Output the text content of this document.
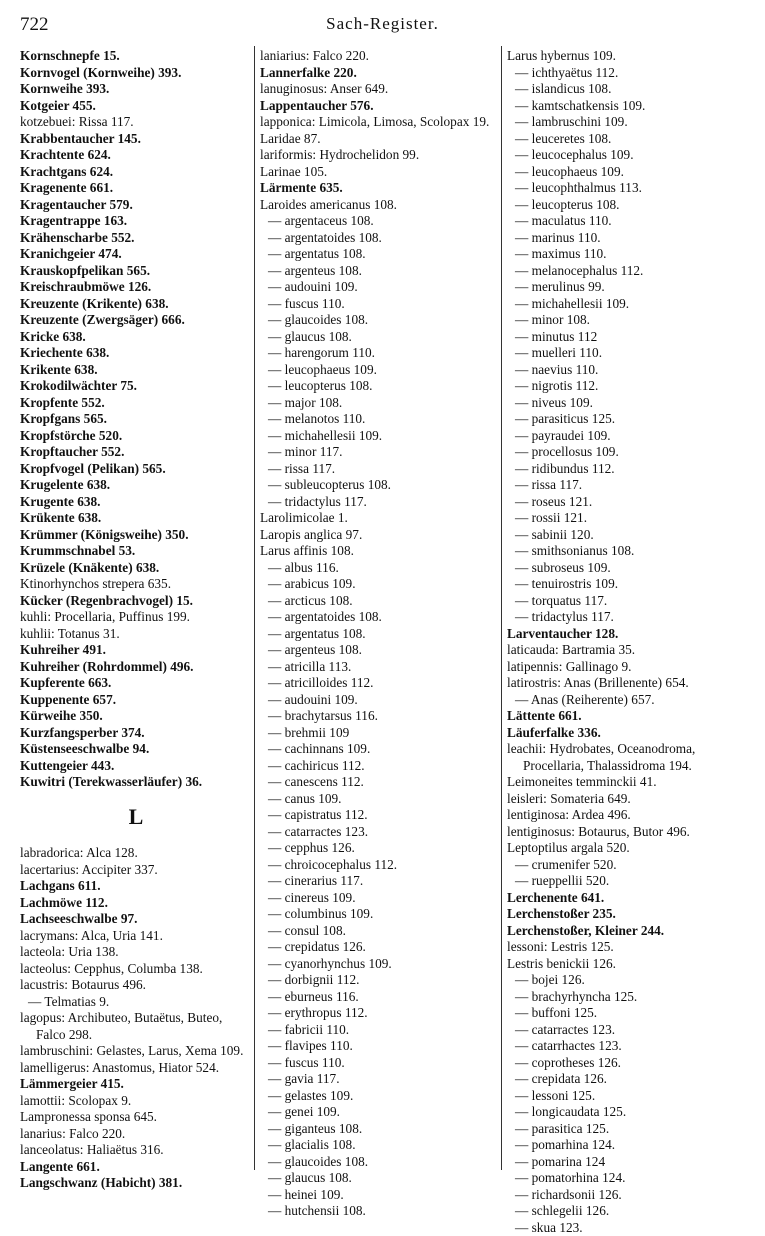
722	Sach-Register.
Kornschnepfe 15.
Kornvogel (Kornweihe) 393.
Kornweihe 393.
Kotgeier 455.
kotzebuei: Rissa 117.
Krabbentaucher 145.
Krachtente 624.
Krachtgans 624.
Kragenente 661.
Kragentaucher 579.
Kragentrappe 163.
Krähenscharbe 552.
Kranichgeier 474.
Krauskopfpelikan 565.
Kreischraubmöwe 126.
Kreuzente (Krikente) 638.
Kreuzente (Zwergsäger) 666.
Kricke 638.
Kriechente 638.
Krikente 638.
Krokodilwächter 75.
Kropfente 552.
Kropfgans 565.
Kropfstörche 520.
Kropftaucher 552.
Kropfvogel (Pelikan) 565.
Krugelente 638.
Krugente 638.
Krükente 638.
Krümmer (Königsweihe) 350.
Krummschnabel 53.
Krüzele (Knäkente) 638.
Ktinorhynchos strepera 635.
Kücker (Regenbrachvogel) 15.
kuhli: Procellaria, Puffinus 199.
kuhlii: Totanus 31.
Kuhreiher 491.
Kuhreiher (Rohrdommel) 496.
Kupferente 663.
Kuppenente 657.
Kürweihe 350.
Kurzfangsperber 374.
Küstenseeschwalbe 94.
Kuttengeier 443.
Kuwitri (Terekwasserläufer) 36.
L
labradorica: Alca 128.
lacertarius: Accipiter 337.
Lachgans 611.
Lachmöwe 112.
Lachseeschwalbe 97.
lacrymans: Alca, Uria 141.
lacteola: Uria 138.
lacteolus: Cepphus, Columba 138.
lacustris: Botaurus 496.
— Telmatias 9.
lagopus: Archibuteo, Butaëtus, Buteo, Falco 298.
lambruschini: Gelastes, Larus, Xema 109.
lamelligerus: Anastomus, Hiator 524.
Lämmergeier 415.
lamottii: Scolopax 9.
Lampronessa sponsa 645.
lanarius: Falco 220.
lanceolatus: Haliaëtus 316.
Langente 661.
Langschwanz (Habicht) 381.
laniarius: Falco 220.
Lannerfalke 220.
lanuginosus: Anser 649.
Lappentaucher 576.
lapponica: Limicola, Limosa, Scolopax 19.
Laridae 87.
lariformis: Hydrochelidon 99.
Larinae 105.
Lärmente 635.
Laroides americanus 108.
— argentaceus 108.
— argentatoides 108.
— argentatus 108.
— argenteus 108.
— audouini 109.
— fuscus 110.
— glaucoides 108.
— glaucus 108.
— harengorum 110.
— leucophaeus 109.
— leucopterus 108.
— major 108.
— melanotos 110.
— michahellesii 109.
— minor 117.
— rissa 117.
— subleucopterus 108.
— tridactylus 117.
Larolimicolae 1.
Laropis anglica 97.
Larus affinis 108.
— albus 116.
— arabicus 109.
— arcticus 108.
— argentatoides 108.
— argentatus 108.
— argenteus 108.
— atricilla 113.
— atricilloides 112.
— audouini 109.
— brachytarsus 116.
— brehmii 109
— cachinnans 109.
— cachiricus 112.
— canescens 112.
— canus 109.
— capistratus 112.
— catarractes 123.
— cepphus 126.
— chroicocephalus 112.
— cinerarius 117.
— cinereus 109.
— columbinus 109.
— consul 108.
— crepidatus 126.
— cyanorhynchus 109.
— dorbignii 112.
— eburneus 116.
— erythropus 112.
— fabricii 110.
— flavipes 110.
— fuscus 110.
— gavia 117.
— gelastes 109.
— genei 109.
— giganteus 108.
— glacialis 108.
— glaucoides 108.
— glaucus 108.
— heinei 109.
— hutchensii 108.
Larus hybernus 109.
— ichthyaëtus 112.
— islandicus 108.
— kamtschatkensis 109.
— lambruschini 109.
— leuceretes 108.
— leucocephalus 109.
— leucophaeus 109.
— leucophthalmus 113.
— leucopterus 108.
— maculatus 110.
— marinus 110.
— maximus 110.
— melanocephalus 112.
— merulinus 99.
— michahellesii 109.
— minor 108.
— minutus 112
— muelleri 110.
— naevius 110.
— nigrotis 112.
— niveus 109.
— parasiticus 125.
— payraudei 109.
— procellosus 109.
— ridibundus 112.
— rissa 117.
— roseus 121.
— rossii 121.
— sabinii 120.
— smithsonianus 108.
— subroseus 109.
— tenuirostris 109.
— torquatus 117.
— tridactylus 117.
Larventaucher 128.
laticauda: Bartramia 35.
latipennis: Gallinago 9.
latirostris: Anas (Brillenente) 654.
— Anas (Reiherente) 657.
Lättente 661.
Läuferfalke 336.
leachii: Hydrobates, Oceanodroma, Procellaria, Thalassidroma 194.
Leimoneites temminckii 41.
leisleri: Somateria 649.
lentiginosa: Ardea 496.
lentiginosus: Botaurus, Butor 496.
Leptoptilus argala 520.
— crumenifer 520.
— rueppellii 520.
Lerchenente 641.
Lerchenstoßer 235.
Lerchenstoßer, Kleiner 244.
lessoni: Lestris 125.
Lestris benickii 126.
— bojei 126.
— brachyrhyncha 125.
— buffoni 125.
— catarractes 123.
— catarrhactes 123.
— coprotheses 126.
— crepidata 126.
— lessoni 125.
— longicaudata 125.
— parasitica 125.
— pomarhina 124.
— pomarina 124
— pomatorhina 124.
— richardsonii 126.
— schlegelii 126.
— skua 123.
